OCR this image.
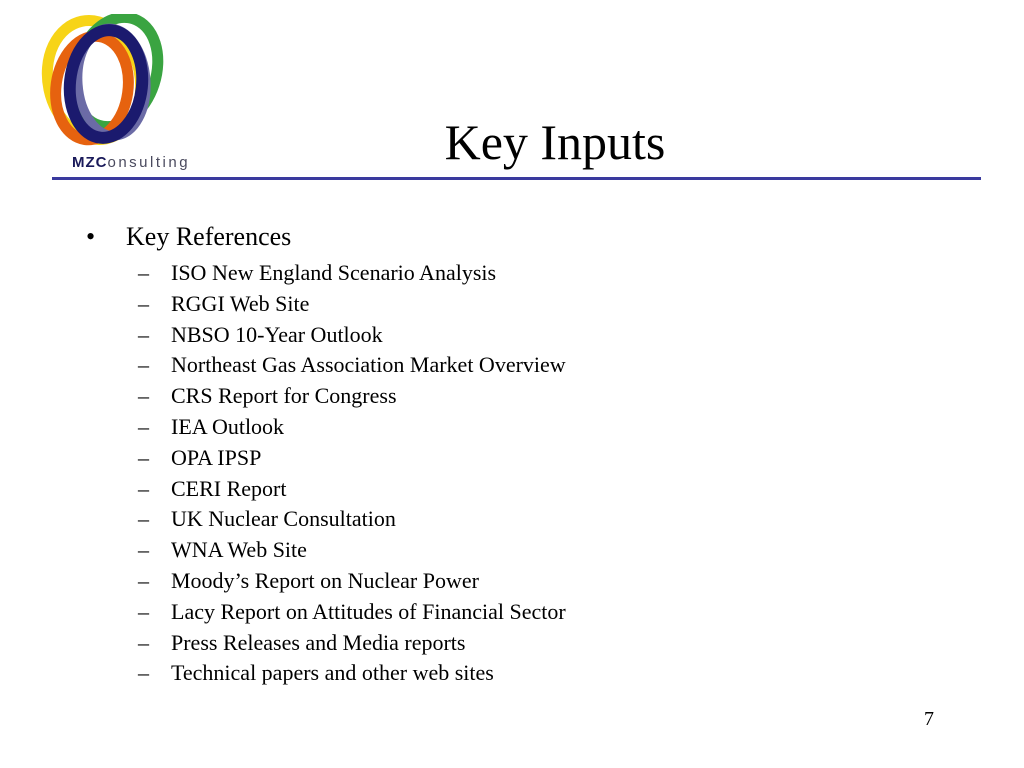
MZConsulting	Key Inputs
•	Key References
–	ISO New England Scenario Analysis
–	RGGI Web Site
–	NBSO 10-Year Outlook
–	Northeast Gas Association Market Overview
–	CRS Report for Congress
–	IEA Outlook
–	OPA IPSP
–	CERI Report
–	UK Nuclear Consultation
–	WNA Web Site
–	Moody’s Report on Nuclear Power
–	Lacy Report on Attitudes of Financial Sector
–	Press Releases and Media reports
–	Technical papers and other web sites
7
